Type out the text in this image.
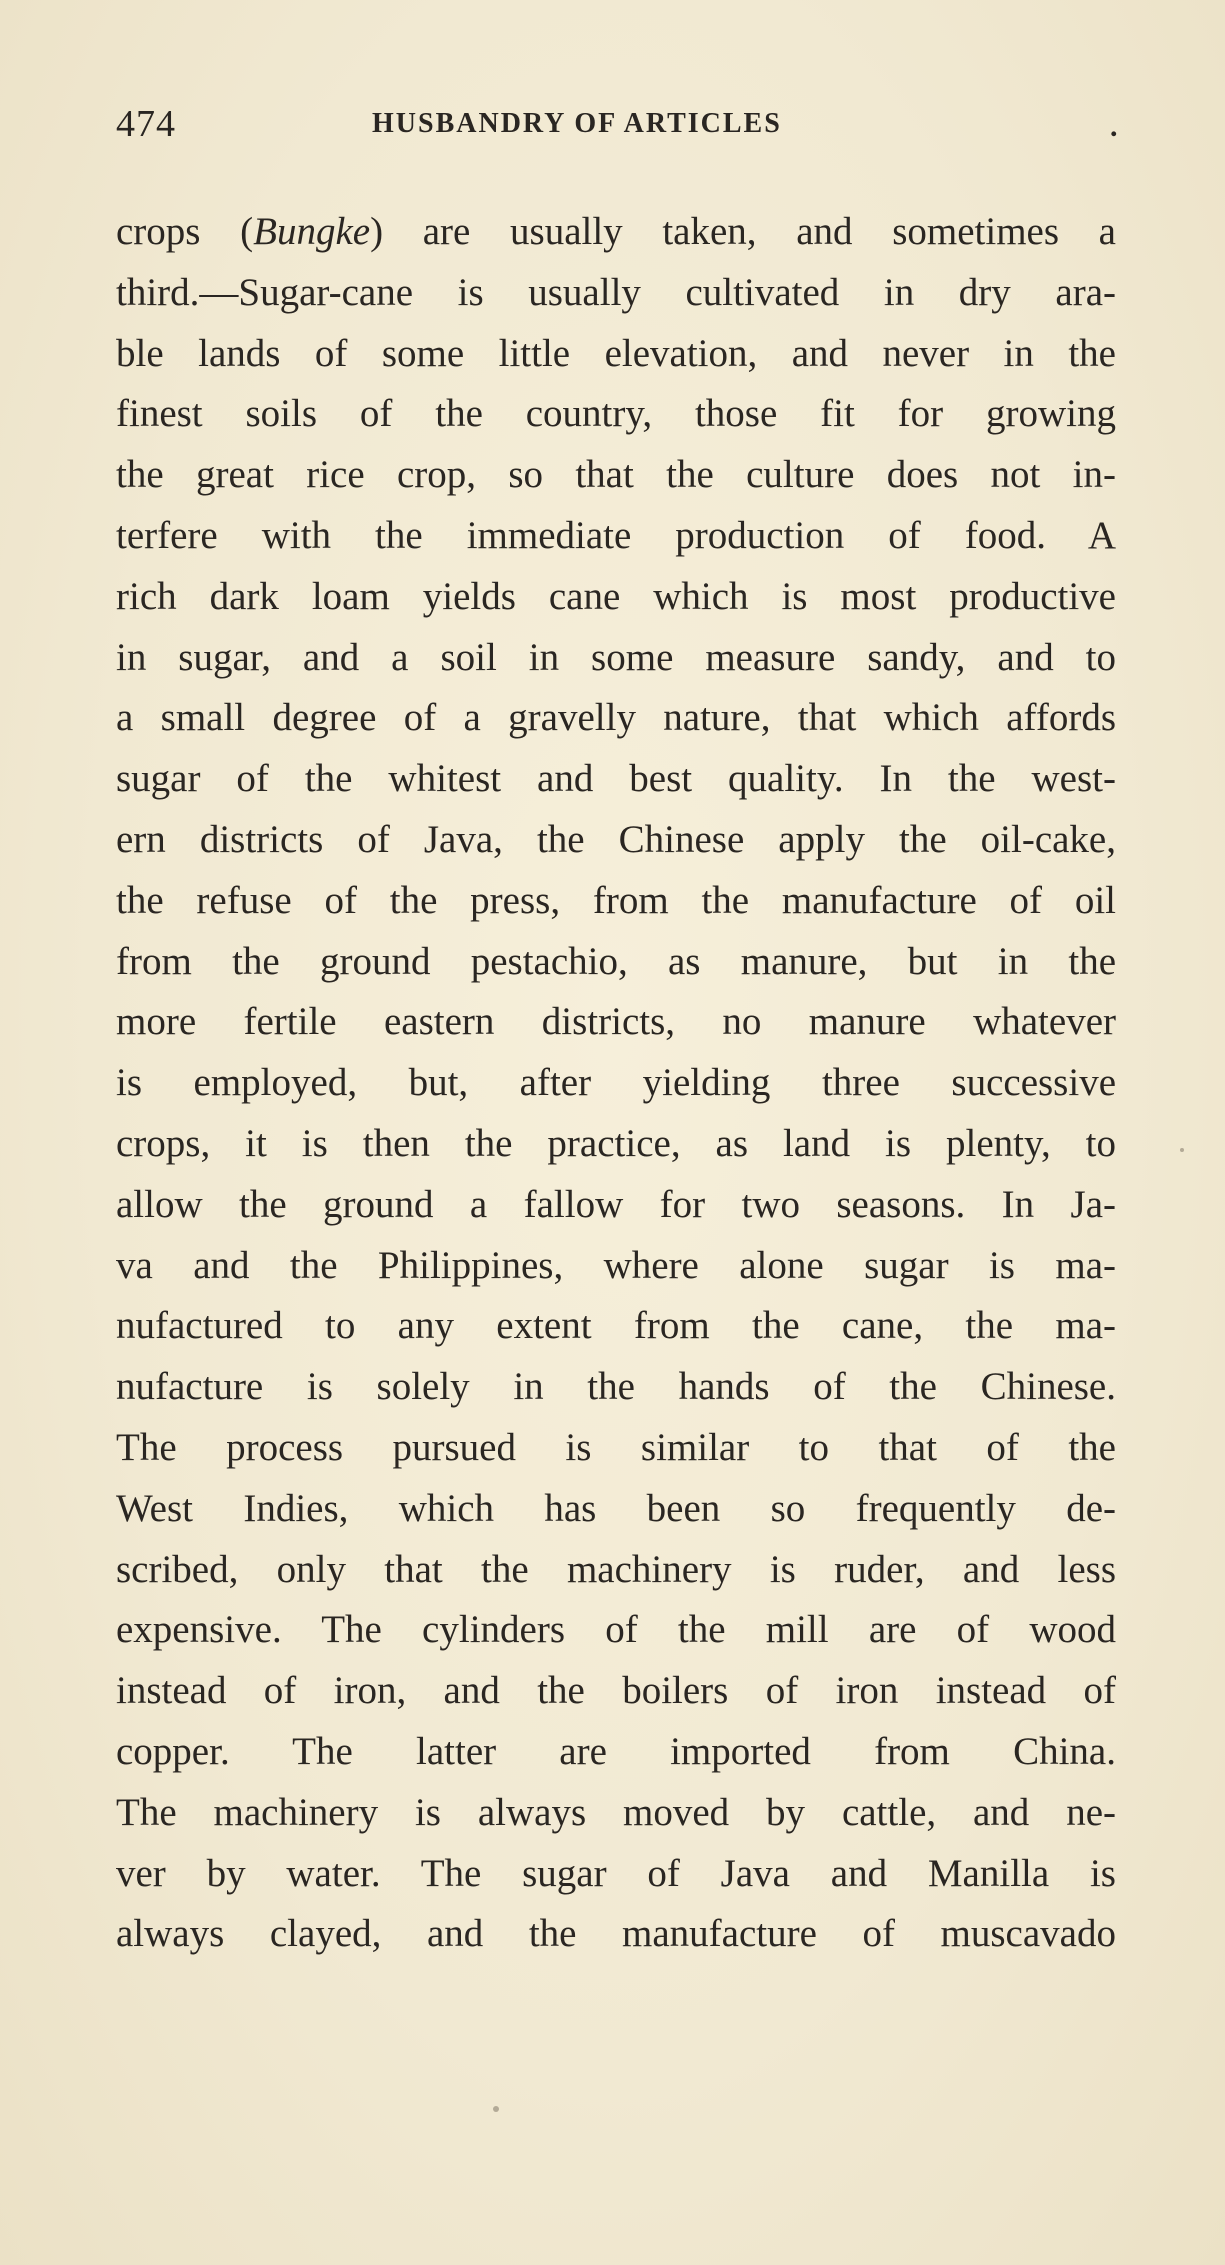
474	HUSBANDRY OF ARTICLES	.
crops (Bungke) are usually taken, and sometimes a
third.—Sugar-cane is usually cultivated in dry ara-
ble lands of some little elevation, and never in the
finest soils of the country, those fit for growing
the great rice crop, so that the culture does not in-
terfere with the immediate production of food. A
rich dark loam yields cane which is most productive
in sugar, and a soil in some measure sandy, and to
a small degree of a gravelly nature, that which affords
sugar of the whitest and best quality. In the west-
ern districts of Java, the Chinese apply the oil-cake,
the refuse of the press, from the manufacture of oil
from the ground pestachio, as manure, but in the
more fertile eastern districts, no manure whatever
is employed, but, after yielding three successive
crops, it is then the practice, as land is plenty, to
allow the ground a fallow for two seasons. In Ja-
va and the Philippines, where alone sugar is ma-
nufactured to any extent from the cane, the ma-
nufacture is solely in the hands of the Chinese.
The process pursued is similar to that of the
West Indies, which has been so frequently de-
scribed, only that the machinery is ruder, and less
expensive. The cylinders of the mill are of wood
instead of iron, and the boilers of iron instead of
copper. The latter are imported from China.
The machinery is always moved by cattle, and ne-
ver by water. The sugar of Java and Manilla is
always clayed, and the manufacture of muscavado
